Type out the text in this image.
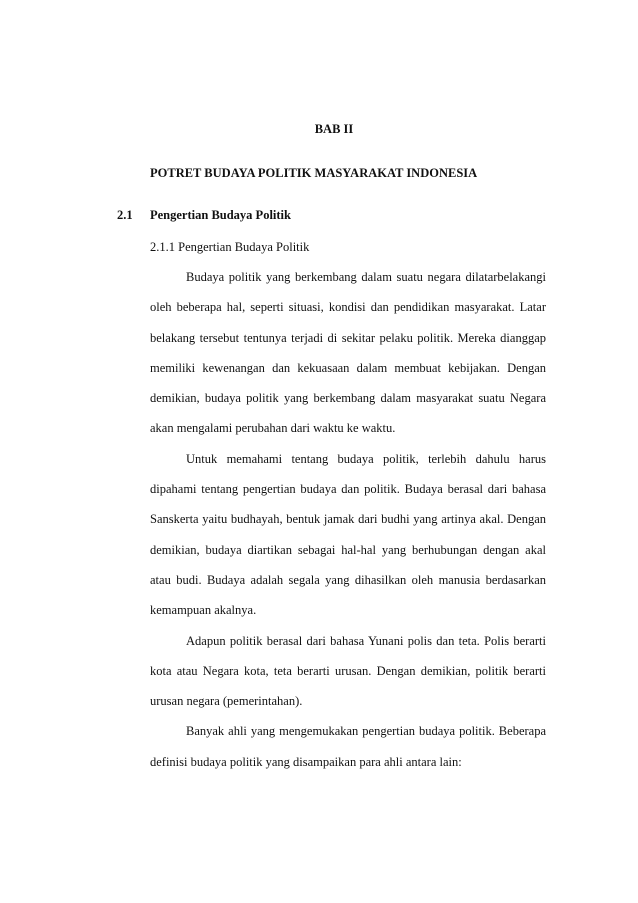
BAB II
POTRET BUDAYA POLITIK MASYARAKAT INDONESIA
2.1 Pengertian Budaya Politik
2.1.1 Pengertian Budaya Politik

Budaya politik yang berkembang dalam suatu negara dilatarbelakangi oleh beberapa hal, seperti situasi, kondisi dan pendidikan masyarakat. Latar belakang tersebut tentunya terjadi di sekitar pelaku politik. Mereka dianggap memiliki kewenangan dan kekuasaan dalam membuat kebijakan. Dengan demikian, budaya politik yang berkembang dalam masyarakat suatu Negara akan mengalami perubahan dari waktu ke waktu.

Untuk memahami tentang budaya politik, terlebih dahulu harus dipahami tentang pengertian budaya dan politik. Budaya berasal dari bahasa Sanskerta yaitu budhayah, bentuk jamak dari budhi yang artinya akal. Dengan demikian, budaya diartikan sebagai hal-hal yang berhubungan dengan akal atau budi. Budaya adalah segala yang dihasilkan oleh manusia berdasarkan kemampuan akalnya.

Adapun politik berasal dari bahasa Yunani polis dan teta. Polis berarti kota atau Negara kota, teta berarti urusan. Dengan demikian, politik berarti urusan negara (pemerintahan).

Banyak ahli yang mengemukakan pengertian budaya politik. Beberapa definisi budaya politik yang disampaikan para ahli antara lain:
